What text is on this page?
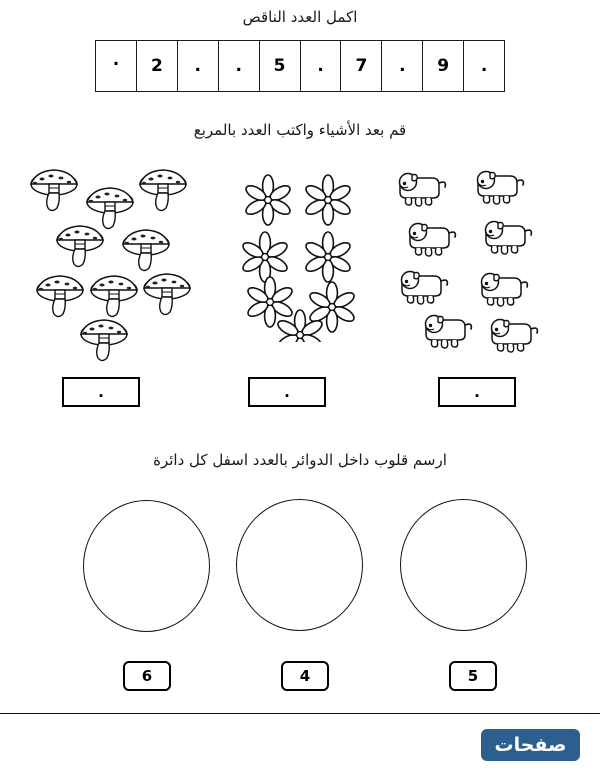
اكمل العدد الناقص
.	2	.	.	5	.	7	.	9	.
قم بعد الأشياء واكتب العدد بالمربع
.	.	.
ارسم قلوب داخل الدوائر بالعدد اسفل كل دائرة
6	4	5
صفحات
